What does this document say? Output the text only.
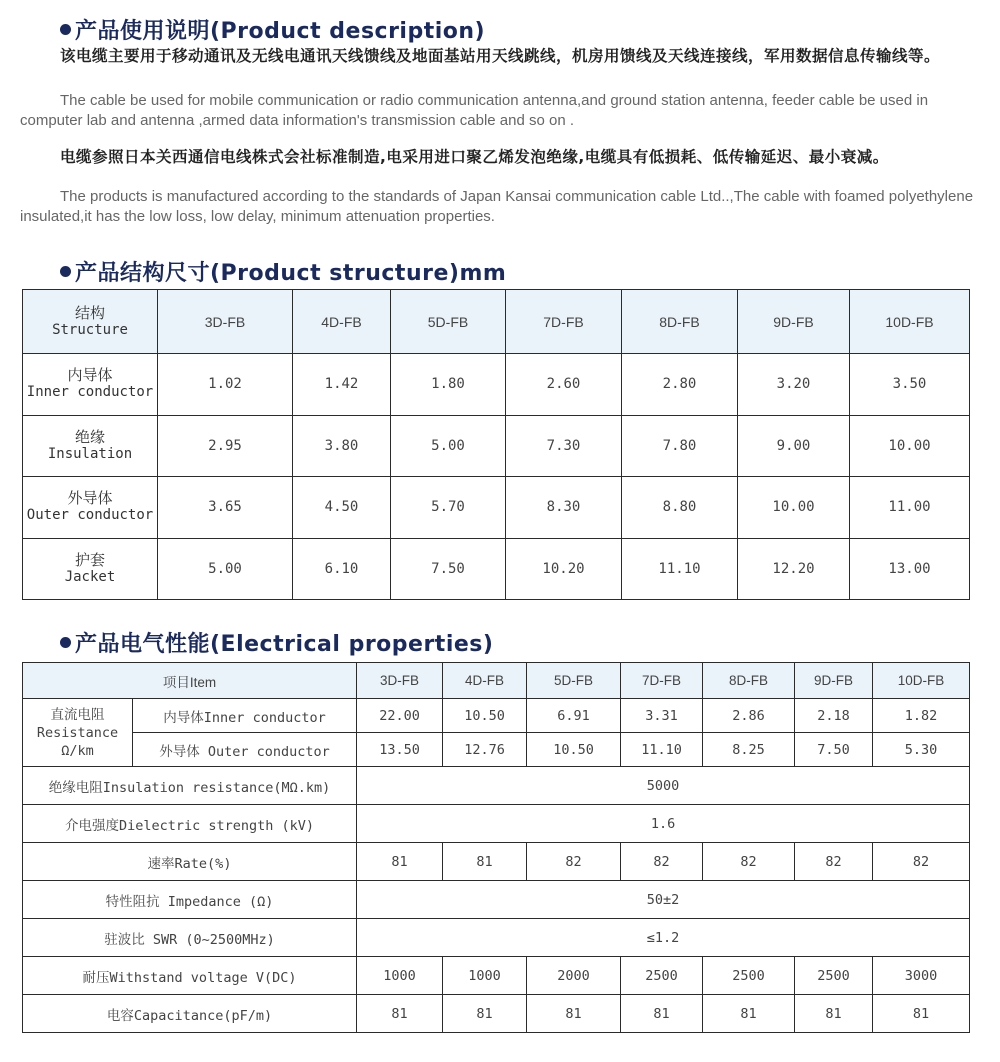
产品使用说明(Product description)
该电缆主要用于移动通讯及无线电通讯天线馈线及地面基站用天线跳线，机房用馈线及天线连接线，军用数据信息传输线等。
The cable be used for mobile communication or radio communication antenna,and ground station antenna, feeder cable be used in computer lab and antenna ,armed data information's transmission cable and so on .
电缆参照日本关西通信电线株式会社标准制造,电采用进口聚乙烯发泡绝缘,电缆具有低损耗、低传输延迟、最小衰减。
The products is manufactured according to the standards of Japan Kansai communication cable Ltd..,The cable with foamed polyethylene insulated,it has the low loss, low delay, minimum attenuation properties.
产品结构尺寸(Product structure)mm
结构
Structure	3D-FB	4D-FB	5D-FB	7D-FB	8D-FB	9D-FB	10D-FB

内导体
Inner conductor	1.02	1.42	1.80	2.60	2.80	3.20	3.50

绝缘
Insulation	2.95	3.80	5.00	7.30	7.80	9.00	10.00

外导体
Outer conductor	3.65	4.50	5.70	8.30	8.80	10.00	11.00

护套
Jacket	5.00	6.10	7.50	10.20	11.10	12.20	13.00
产品电气性能(Electrical properties)
项目Item		3D-FB	4D-FB	5D-FB	7D-FB	8D-FB	9D-FB	10D-FB

直流电阻
Resistance
Ω/km	内导体Inner conductor	22.00	10.50	6.91	3.31	2.86	2.18	1.82
	外导体 Outer conductor	13.50	12.76	10.50	11.10	8.25	7.50	5.30
绝缘电阻Insulation resistance(MΩ.km)		5000						
介电强度Dielectric strength (kV)		1.6						
速率Rate(%)		81	81	82	82	82	82	82
特性阻抗 Impedance (Ω)		50±2						
驻波比 SWR (0~2500MHz)		≤1.2						
耐压Withstand voltage V(DC)		1000	1000	2000	2500	2500	2500	3000
电容Capacitance(pF/m)		81	81	81	81	81	81	81
